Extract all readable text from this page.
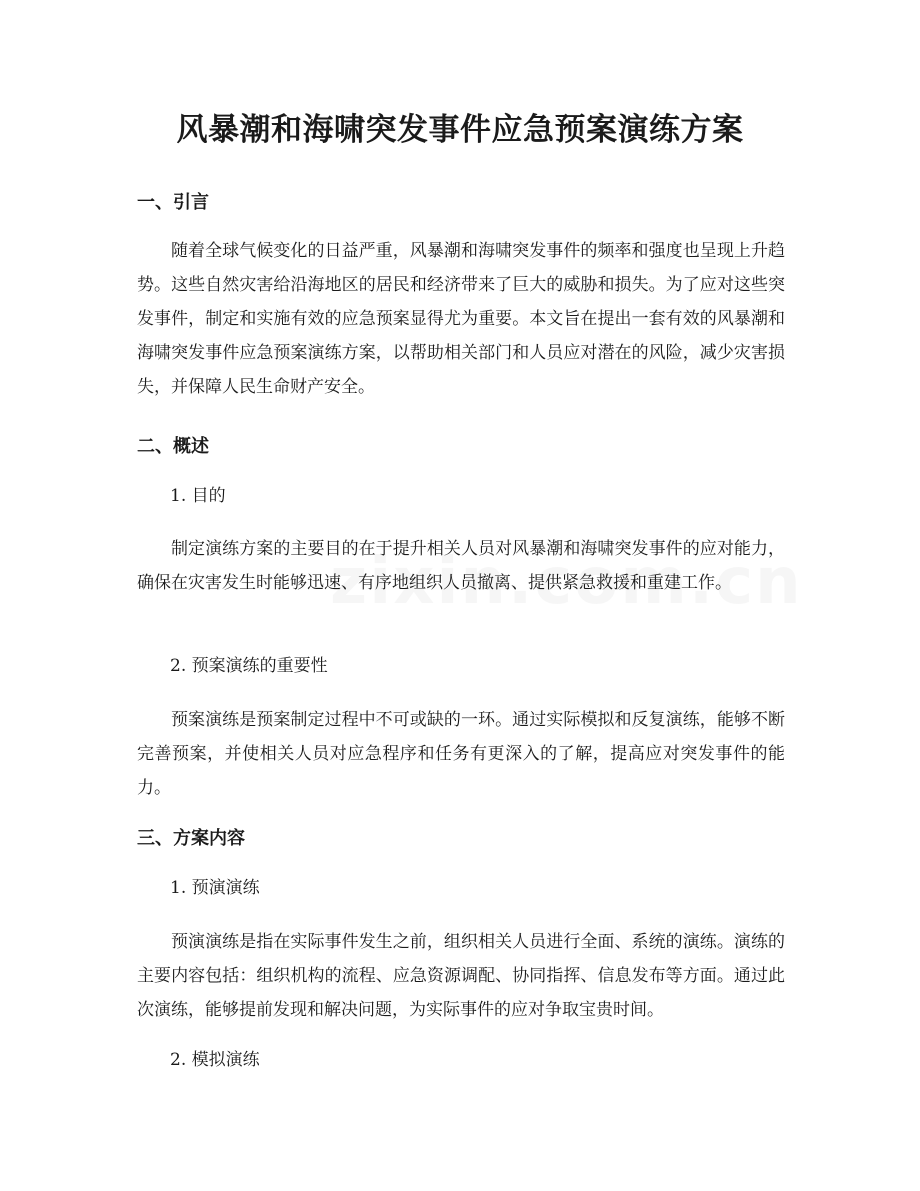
风暴潮和海啸突发事件应急预案演练方案
一、引言

随着全球气候变化的日益严重，风暴潮和海啸突发事件的频率和强度也呈现上升趋势。这些自然灾害给沿海地区的居民和经济带来了巨大的威胁和损失。为了应对这些突发事件，制定和实施有效的应急预案显得尤为重要。本文旨在提出一套有效的风暴潮和海啸突发事件应急预案演练方案，以帮助相关部门和人员应对潜在的风险，减少灾害损失，并保障人民生命财产安全。

二、概述

1. 目的

制定演练方案的主要目的在于提升相关人员对风暴潮和海啸突发事件的应对能力，确保在灾害发生时能够迅速、有序地组织人员撤离、提供紧急救援和重建工作。

2. 预案演练的重要性

预案演练是预案制定过程中不可或缺的一环。通过实际模拟和反复演练，能够不断完善预案，并使相关人员对应急程序和任务有更深入的了解，提高应对突发事件的能力。

三、方案内容

1. 预演演练

预演演练是指在实际事件发生之前，组织相关人员进行全面、系统的演练。演练的主要内容包括：组织机构的流程、应急资源调配、协同指挥、信息发布等方面。通过此次演练，能够提前发现和解决问题，为实际事件的应对争取宝贵时间。

2. 模拟演练
